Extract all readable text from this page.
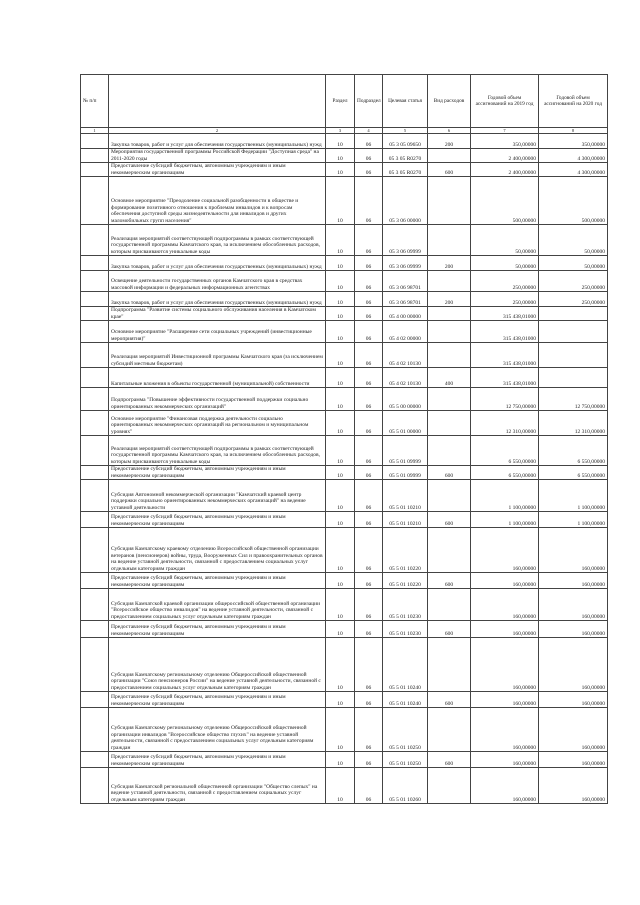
№ п/п		Раздел	Подраздел	Целевая статья	Вид расходов	Годовой объем ассигнований на 2019 год	Годовой объем ассигнований на 2020 год
1	2	3	4	5	6	7	8
	Закупка товаров, работ и услуг для обеспечения государственных (муниципальных) нужд	10	06	05 3 05 09650	200	350,00000	350,00000
	Мероприятия государственной программы Российской Федерации "Доступная среда" на 2011-2020 годы	10	06	05 3 05 R0270		2 400,00000	4 300,00000
	Предоставление субсидий бюджетным, автономным учреждениям и иным некоммерческим организациям	10	06	05 3 05 R0270	600	2 400,00000	4 300,00000
	Основное мероприятие "Преодоление социальной разобщенности в обществе и формирование позитивного отношения к проблемам инвалидов и к вопросам обеспечения доступной среды жизнедеятельности для инвалидов и других маломобильных групп населения"	10	06	05 3 06 00000		500,00000	500,00000
	Реализация мероприятий соответствующей подпрограммы в рамках соответствующей государственной программы Камчатского края, за исключением обособленных расходов, которым присваиваются уникальные коды	10	06	05 3 06 09999		50,00000	50,00000
	Закупка товаров, работ и услуг для обеспечения государственных (муниципальных) нужд	10	06	05 3 06 09999	200	50,00000	50,00000
	Освещение деятельности государственных органов Камчатского края в средствах массовой информации и федеральных информационных агентствах	10	06	05 3 06 98701		250,00000	250,00000
	Закупка товаров, работ и услуг для обеспечения государственных (муниципальных) нужд	10	06	05 3 06 98701	200	250,00000	250,00000
	Подпрограмма "Развитие системы социального обслуживания населения в Камчатском крае"	10	06	05 4 00 00000		315 438,01000	
	Основное мероприятие "Расширение сети социальных учреждений (инвестиционные мероприятия)"	10	06	05 4 02 00000		315 438,01000	
	Реализация мероприятий Инвестиционной программы Камчатского края (за исключением субсидий местным бюджетам)	10	06	05 4 02 10130		315 438,01000	
	Капитальные вложения в объекты государственной (муниципальной) собственности	10	06	05 4 02 10130	400	315 438,01000	
	Подпрограмма "Повышение эффективности государственной поддержки социально ориентированных некоммерческих организаций"	10	06	05 5 00 00000		12 750,00000	12 750,00000
	Основное мероприятие "Финансовая поддержка деятельности социально ориентированных некоммерческих организаций на региональном и муниципальном уровнях"	10	06	05 5 01 00000		12 310,00000	12 310,00000
	Реализация мероприятий соответствующей подпрограммы в рамках соответствующей государственной программы Камчатского края, за исключением обособленных расходов, которым присваиваются уникальные коды	10	06	05 5 01 09999		6 550,00000	6 550,00000
	Предоставление субсидий бюджетным, автономным учреждениям и иным некоммерческим организациям	10	06	05 5 01 09999	600	6 550,00000	6 550,00000
	Субсидия Автономной некоммерческой организации "Камчатский краевой центр поддержки социально ориентированных некоммерческих организаций" на ведение уставной деятельности	10	06	05 5 01 10210		1 100,00000	1 100,00000
	Предоставление субсидий бюджетным, автономным учреждениям и иным некоммерческим организациям	10	06	05 5 01 10210	600	1 100,00000	1 100,00000
	Субсидия Камчатскому краевому отделению Всероссийской общественной организации ветеранов (пенсионеров) войны, труда, Вооруженных Сил и правоохранительных органов на ведение уставной деятельности, связанной с предоставлением социальных услуг отдельным категориям граждан	10	06	05 5 01 10220		160,00000	160,00000
	Предоставление субсидий бюджетным, автономным учреждениям и иным некоммерческим организациям	10	06	05 5 01 10220	600	160,00000	160,00000
	Субсидия Камчатской краевой организации общероссийской общественной организации "Всероссийское общество инвалидов" на ведение уставной деятельности, связанной с предоставлением социальных услуг отдельным категориям граждан	10	06	05 5 01 10230		160,00000	160,00000
	Предоставление субсидий бюджетным, автономным учреждениям и иным некоммерческим организациям	10	06	05 5 01 10230	600	160,00000	160,00000
	Субсидия Камчатскому региональному отделению Общероссийской общественной организации "Союз пенсионеров России" на ведение уставной деятельности, связанной с предоставлением социальных услуг отдельным категориям граждан	10	06	05 5 01 10240		160,00000	160,00000
	Предоставление субсидий бюджетным, автономным учреждениям и иным некоммерческим организациям	10	06	05 5 01 10240	600	160,00000	160,00000
	Субсидия Камчатскому региональному отделению Общероссийской общественной организации инвалидов "Всероссийское общество глухих" на ведение уставной деятельности, связанной с предоставлением социальных услуг отдельным категориям граждан	10	06	05 5 01 10250		160,00000	160,00000
	Предоставление субсидий бюджетным, автономным учреждениям и иным некоммерческим организациям	10	06	05 5 01 10250	600	160,00000	160,00000
	Субсидия Камчатской региональной общественной организации "Общество слепых" на ведение уставной деятельности, связанной с предоставлением социальных услуг отдельным категориям граждан	10	06	05 5 01 10260		160,00000	160,00000
